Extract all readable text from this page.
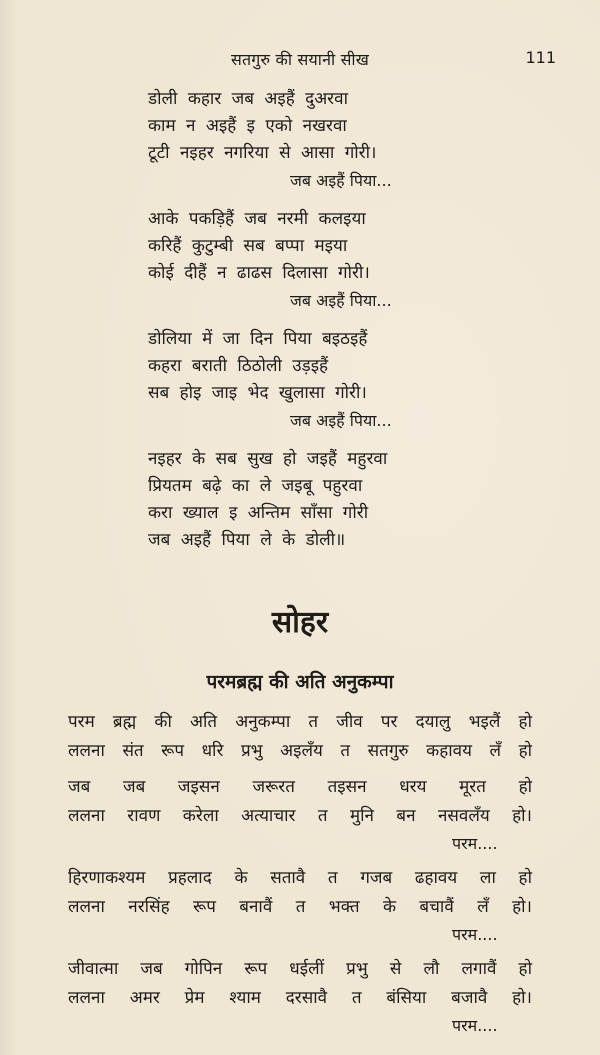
सतगुरु की सयानी सीख	111
डोली कहार जब अइहैं दुअरवा
काम न अइहैं इ एको नखरवा
टूटी नइहर नगरिया से आसा गोरी।
जब अइहैं पिया...
आके पकड़िहैं जब नरमी कलइया
करिहैं कुटुम्बी सब बप्पा मइया
कोई दीहैं न ढाढस दिलासा गोरी।
जब अइहैं पिया...
डोलिया में जा दिन पिया बइठइहैं
कहरा बराती ठिठोली उड़इहैं
सब होइ जाइ भेद खुलासा गोरी।
जब अइहैं पिया...
नइहर के सब सुख हो जइहैं महुरवा
प्रियतम बढ़े का ले जइबू पहुरवा
करा ख्याल इ अन्तिम साँसा गोरी
जब अइहैं पिया ले के डोली॥
सोहर
परमब्रह्म की अति अनुकम्पा
परम ब्रह्म की अति अनुकम्पा त जीव पर दयालु भइलैं हो
ललना संत रूप धरि प्रभु अइलँय त सतगुरु कहावय लँ हो
जब जब जइसन जरूरत तइसन धरय मूरत हो
ललना रावण करेला अत्याचार त मुनि बन नसवलँय हो।
परम....
हिरणाकश्यम प्रहलाद के सतावै त गजब ढहावय ला हो
ललना नरसिंह रूप बनावैं त भक्त के बचावैं लँ हो।
परम....
जीवात्मा जब गोपिन रूप धईलीं प्रभु से लौ लगावैं हो
ललना अमर प्रेम श्याम दरसावै त बंसिया बजावै हो।
परम....
